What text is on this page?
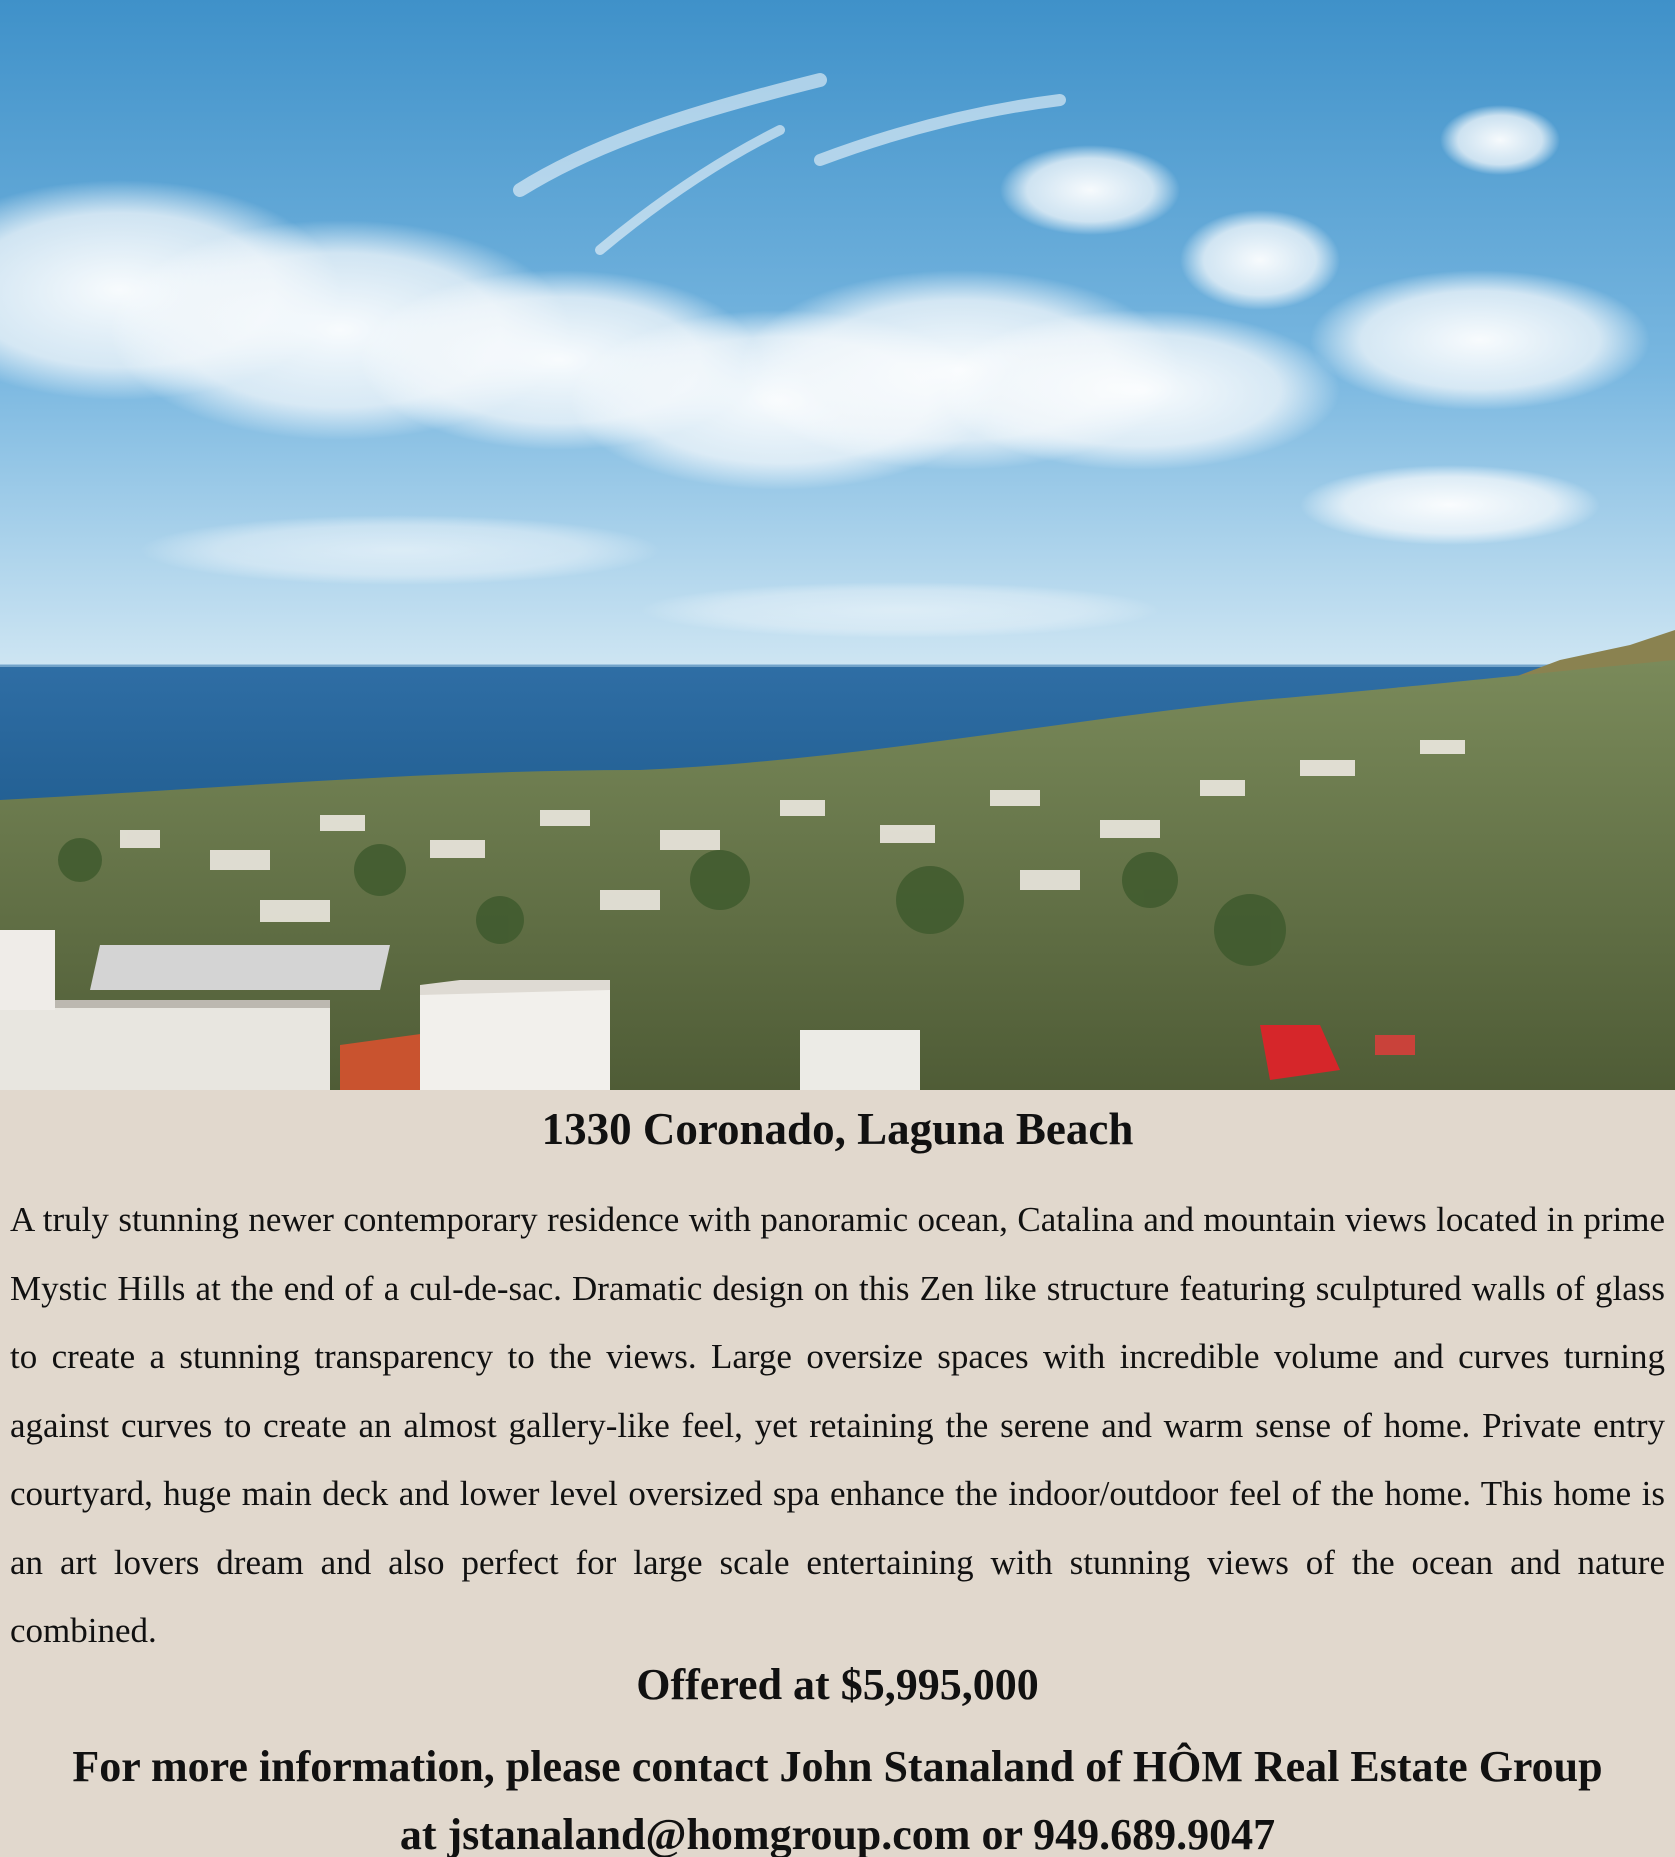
1330 Coronado, Laguna Beach

A truly stunning newer contemporary residence with panoramic ocean, Catalina and mountain views located in prime Mystic Hills at the end of a cul-de-sac. Dramatic design on this Zen like structure featuring sculptured walls of glass to create a stunning transparency to the views. Large oversize spaces with incredible volume and curves turning against curves to create an almost gallery-like feel, yet retaining the serene and warm sense of home. Private entry courtyard, huge main deck and lower level oversized spa enhance the indoor/outdoor feel of the home. This home is an art lovers dream and also perfect for large scale entertaining with stunning views of the ocean and nature combined.

Offered at $5,995,000

For more information, please contact John Stanaland of HÔM Real Estate Group
at jstanaland@homgroup.com or 949.689.9047
